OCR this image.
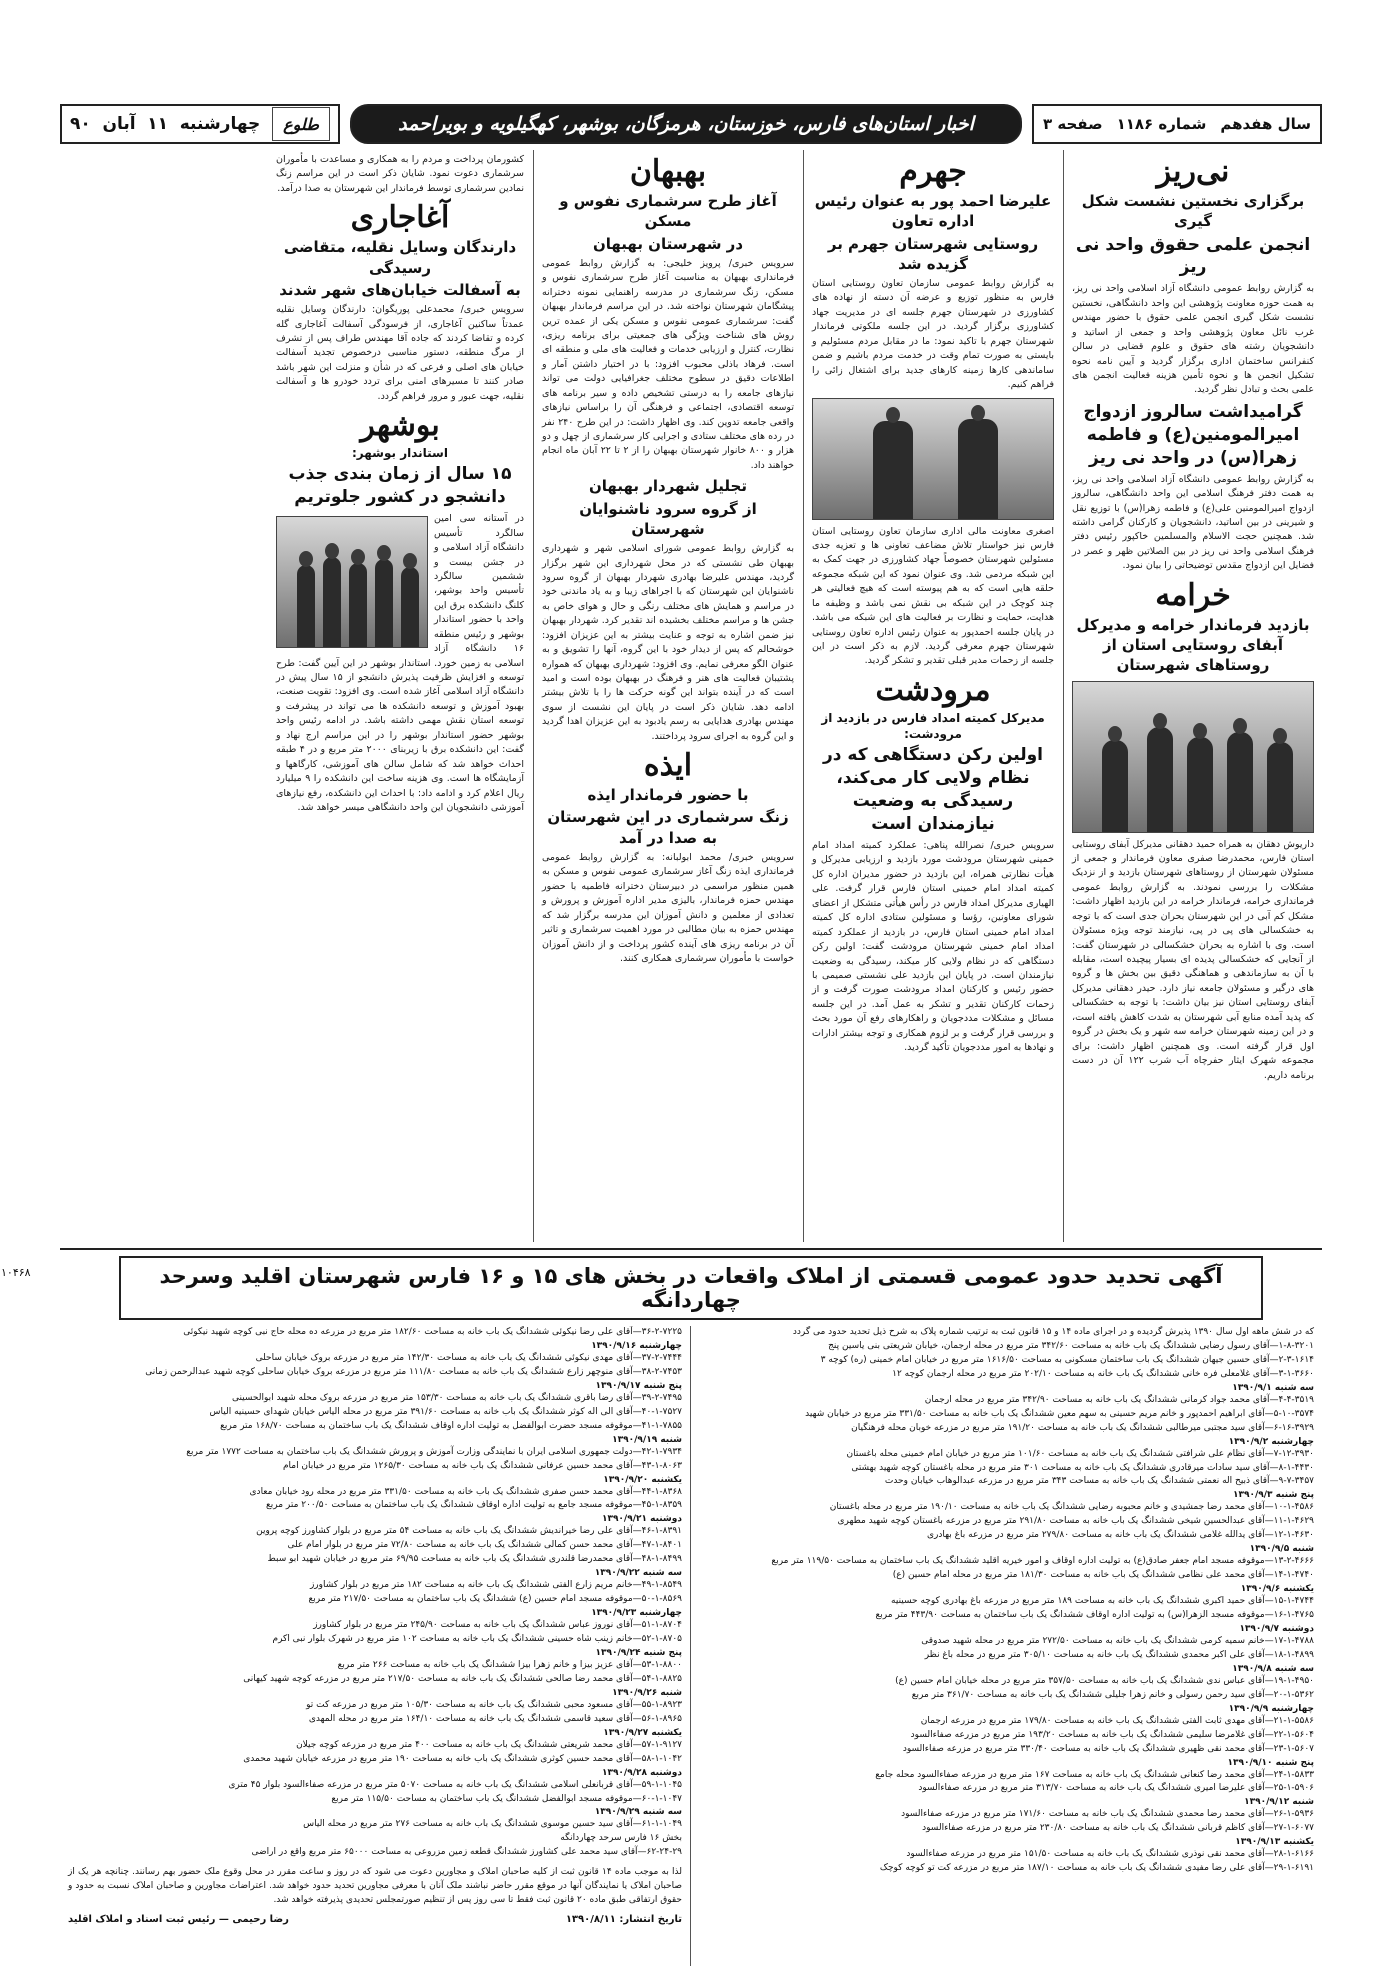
طلوع
چهارشنبه
۱۱
آبان
۹۰	اخبار استان‌های فارس، خوزستان، هرمزگان، بوشهر، کهگیلویه و بویراحمد	سال هفدهم
شماره ۱۱۸۶
صفحه ۳
نی‌ریز
برگزاری نخستین نشست شکل گیری
انجمن علمی حقوق واحد نی ریز

به گزارش روابط عمومی دانشگاه آزاد اسلامی واحد نی ریز، به همت حوزه معاونت پژوهشی این واحد دانشگاهی، نخستین نشست شکل گیری انجمن علمی حقوق با حضور مهندس غرب نائل معاون پژوهشی واحد و جمعی از اساتید و دانشجویان رشته های حقوق و علوم قضایی در سالن کنفرانس ساختمان اداری برگزار گردید و آیین نامه نحوه تشکیل انجمن ها و نحوه تأمین هزینه فعالیت انجمن های علمی بحث و تبادل نظر گردید.

گرامیداشت سالروز ازدواج امیرالمومنین(ع) و فاطمه زهرا(س) در واحد نی ریز

به گزارش روابط عمومی دانشگاه آزاد اسلامی واحد نی ریز، به همت دفتر فرهنگ اسلامی این واحد دانشگاهی، سالروز ازدواج امیرالمومنین علی(ع) و فاطمه زهرا(س) با توزیع نقل و شیرینی در بین اساتید، دانشجویان و کارکنان گرامی داشته شد. همچنین حجت الاسلام والمسلمین خاکپور رئیس دفتر فرهنگ اسلامی واحد نی ریز در بین الصلاتین ظهر و عصر در فضایل این ازدواج مقدس توضیحاتی را بیان نمود.

خرامه
بازدید فرماندار خرامه و مدیرکل آبفای روستایی استان از روستاهای شهرستان

داریوش دهقان به همراه حمید دهقانی مدیرکل آبفای روستایی استان فارس، محمدرضا صفری معاون فرماندار و جمعی از مسئولان شهرستان از روستاهای شهرستان بازدید و از نزدیک مشکلات را بررسی نمودند. به گزارش روابط عمومی فرمانداری خرامه، فرماندار خرامه در این بازدید اظهار داشت: مشکل کم آبی در این شهرستان بحران جدی است که با توجه به خشکسالی های پی در پی، نیازمند توجه ویژه مسئولان است. وی با اشاره به بحران خشکسالی در شهرستان گفت: از آنجایی که خشکسالی پدیده ای بسیار پیچیده است، مقابله با آن به سازماندهی و هماهنگی دقیق بین بخش ها و گروه های درگیر و مسئولان جامعه نیاز دارد. حیدر دهقانی مدیرکل آبفای روستایی استان نیز بیان داشت: با توجه به خشکسالی که پدید آمده منابع آبی شهرستان به شدت کاهش یافته است، و در این زمینه شهرستان خرامه سه شهر و یک بخش در گروه اول قرار گرفته است. وی همچنین اظهار داشت: برای مجموعه شهرک ایثار حفرچاه آب شرب ۱۲۲ آن در دست برنامه داریم.

جهرم
علیرضا احمد پور به عنوان رئیس اداره تعاون
روستایی شهرستان جهرم بر گزیده شد

به گزارش روابط عمومی سازمان تعاون روستایی استان فارس به منظور توزیع و عرضه آن دسته از نهاده های کشاورزی در شهرستان جهرم جلسه ای در مدیریت جهاد کشاورزی برگزار گردید. در این جلسه ملکوتی فرماندار شهرستان جهرم با تاکید نمود: ما در مقابل مردم مسئولیم و بایستی به صورت تمام وقت در خدمت مردم باشیم و ضمن ساماندهی کارها زمینه کارهای جدید برای اشتغال زائی را فراهم کنیم.

اصغری معاونت مالی اداری سازمان تعاون روستایی استان فارس نیز خواستار تلاش مضاعف تعاونی ها و تعزیه جدی مسئولین شهرستان خصوصاً جهاد کشاورزی در جهت کمک به این شبکه مردمی شد. وی عنوان نمود که این شبکه مجموعه حلقه هایی است که به هم پیوسته است که هیچ فعالیتی هر چند کوچک در این شبکه بی نقش نمی باشد و وظیفه ما هدایت، حمایت و نظارت بر فعالیت های این شبکه می باشد. در پایان جلسه احمدپور به عنوان رئیس اداره تعاون روستایی شهرستان جهرم معرفی گردید. لازم به ذکر است در این جلسه از زحمات مدیر قبلی تقدیر و تشکر گردید.

مرودشت
مدیرکل کمیته امداد فارس در بازدید از مرودشت:
اولین رکن دستگاهی که در نظام ولایی کار می‌کند، رسیدگی به وضعیت نیازمندان است

سرویس خبری/ نصرالله پناهی: عملکرد کمیته امداد امام خمینی شهرستان مرودشت مورد بازدید و ارزیابی مدیرکل و هیأت نظارتی همراه، این بازدید در حضور مدیران اداره کل کمیته امداد امام خمینی استان فارس قرار گرفت. علی الهیاری مدیرکل امداد فارس در رأس هیأتی متشکل از اعضای شورای معاونین، رؤسا و مسئولین ستادی اداره کل کمیته امداد امام خمینی استان فارس، در بازدید از عملکرد کمیته امداد امام خمینی شهرستان مرودشت گفت: اولین رکن دستگاهی که در نظام ولایی کار میکند، رسیدگی به وضعیت نیازمندان است. در پایان این بازدید علی نشستی صمیمی با حضور رئیس و کارکنان امداد مرودشت صورت گرفت و از زحمات کارکنان تقدیر و تشکر به عمل آمد. در این جلسه مسائل و مشکلات مددجویان و راهکارهای رفع آن مورد بحث و بررسی قرار گرفت و بر لزوم همکاری و توجه بیشتر ادارات و نهادها به امور مددجویان تأکید گردید.

بهبهان
آغاز طرح سرشماری نفوس و مسکن
در شهرستان بهبهان

سرویس خبری/ پرویز خلیجی: به گزارش روابط عمومی فرمانداری بهبهان به مناسبت آغاز طرح سرشماری نفوس و مسکن، زنگ سرشماری در مدرسه راهنمایی نمونه دخترانه پیشگامان شهرستان نواخته شد. در این مراسم فرماندار بهبهان گفت: سرشماری عمومی نفوس و مسکن یکی از عمده ترین روش های شناخت ویژگی های جمعیتی برای برنامه ریزی، نظارت، کنترل و ارزیابی خدمات و فعالیت های ملی و منطقه ای است. فرهاد باذلی محبوب افزود: با در اختیار داشتن آمار و اطلاعات دقیق در سطوح مختلف جغرافیایی دولت می تواند نیازهای جامعه را به درستی تشخیص داده و سیر برنامه های توسعه اقتصادی، اجتماعی و فرهنگی آن را براساس نیازهای واقعی جامعه تدوین کند. وی اظهار داشت: در این طرح ۲۴۰ نفر در رده های مختلف ستادی و اجرایی کار سرشماری از چهل و دو هزار و ۸۰۰ خانوار شهرستان بهبهان را از ۲ تا ۲۲ آبان ماه انجام خواهند داد.

تجلیل شهردار بهبهان
از گروه سرود ناشنوایان شهرستان

به گزارش روابط عمومی شورای اسلامی شهر و شهرداری بهبهان طی نشستی که در محل شهرداری این شهر برگزار گردید، مهندس علیرضا بهادری شهردار بهبهان از گروه سرود ناشنوایان این شهرستان که با اجراهای زیبا و به یاد ماندنی خود در مراسم و همایش های مختلف رنگی و حال و هوای خاص به جشن ها و مراسم مختلف بخشیده اند تقدیر کرد. شهردار بهبهان نیز ضمن اشاره به توجه و عنایت بیشتر به این عزیزان افزود: خوشحالم که پس از دیدار خود با این گروه، آنها را تشویق و به عنوان الگو معرفی نمایم. وی افزود: شهرداری بهبهان که همواره پشتیبان فعالیت های هنر و فرهنگ در بهبهان بوده است و امید است که در آینده بتواند این گونه حرکت ها را با تلاش بیشتر ادامه دهد. شایان ذکر است در پایان این نشست از سوی مهندس بهادری هدایایی به رسم یادبود به این عزیزان اهدا گردید و این گروه به اجرای سرود پرداختند.

ایذه
با حضور فرماندار ایذه
زنگ سرشماری در این شهرستان به صدا در آمد

سرویس خبری/ محمد ابولبانه: به گزارش روابط عمومی فرمانداری ایذه زنگ آغاز سرشماری عمومی نفوس و مسکن به همین منظور مراسمی در دبیرستان دخترانه فاطمیه با حضور مهندس حمزه فرماندار، بالیزی مدیر اداره آموزش و پرورش و تعدادی از معلمین و دانش آموزان این مدرسه برگزار شد که مهندس حمزه به بیان مطالبی در مورد اهمیت سرشماری و تاثیر آن در برنامه ریزی های آینده کشور پرداخت و از دانش آموزان خواست با مأموران سرشماری همکاری کنند.

کشورمان پرداخت و مردم را به همکاری و مساعدت با مأموران سرشماری دعوت نمود. شایان ذکر است در این مراسم زنگ نمادین سرشماری توسط فرماندار این شهرستان به صدا درآمد.

آغاجاری
دارندگان وسایل نقلیه، متقاضی رسیدگی
به آسفالت خیابان‌های شهر شدند

سرویس خبری/ محمدعلی پوریگوان: دارندگان وسایل نقلیه عمدتاً ساکنین آغاجاری، از فرسودگی آسفالت آغاجاری گله کرده و تقاضا کردند که جاده آقا مهندس طراف پس از تشرف از مرگ منطقه، دستور مناسبی درخصوص تجدید آسفالت خیابان های اصلی و فرعی که در شأن و منزلت این شهر باشد صادر کنند تا مسیرهای امنی برای تردد خودرو ها و آسفالت نقلیه، جهت عبور و مرور فراهم گردد.

بوشهر
استاندار بوشهر:
۱۵ سال از زمان بندی جذب دانشجو در کشور جلوتریم

در آستانه سی امین سالگرد تأسیس دانشگاه آزاد اسلامی و در جشن بیست و ششمین سالگرد تأسیس واحد بوشهر، کلنگ دانشکده برق این واحد با حضور استاندار بوشهر و رئیس منطقه ۱۶ دانشگاه آزاد اسلامی به زمین خورد. استاندار بوشهر در این آیین گفت: طرح توسعه و افزایش ظرفیت پذیرش دانشجو از ۱۵ سال پیش در دانشگاه آزاد اسلامی آغاز شده است. وی افزود: تقویت صنعت، بهبود آموزش و توسعه دانشکده ها می تواند در پیشرفت و توسعه استان نقش مهمی داشته باشد. در ادامه رئیس واحد بوشهر حضور استاندار بوشهر را در این مراسم ارج نهاد و گفت: این دانشکده برق با زیربنای ۲۰۰۰ متر مربع و در ۴ طبقه احداث خواهد شد که شامل سالن های آموزشی، کارگاهها و آزمایشگاه ها است. وی هزینه ساخت این دانشکده را ۹ میلیارد ریال اعلام کرد و ادامه داد: با احداث این دانشکده، رفع نیازهای آموزشی دانشجویان این واحد دانشگاهی میسر خواهد شد.

آگهی تحدید حدود عمومی قسمتی از املاک واقعات در بخش های ۱۵ و ۱۶ فارس شهرستان اقلید وسرحد چهاردانگه
۱۰۴۶۸

که در شش ماهه اول سال ۱۳۹۰ پذیرش گردیده و در اجرای ماده ۱۴ و ۱۵ قانون ثبت به ترتیب شماره پلاک به شرح ذیل تحدید حدود می گردد

۱-۸-۳۲۰۱—آقای رسول رضایی ششدانگ یک باب خانه به مساحت ۳۴۲/۶۰ متر مربع در محله ارجمان، خیابان شریعتی بنی یاسین پنج

۲-۳-۱۶۱۴—آقای حسین جیهان ششدانگ یک باب ساختمان مسکونی به مساحت ۱۶۱۶/۵۰ متر مربع در خیابان امام خمینی (ره) کوچه ۳

۳-۱-۳۶۶۰—آقای غلامعلی فره خانی ششدانگ یک باب خانه به مساحت ۲۰۲/۱۰ متر مربع در محله ارجمان کوچه ۱۲

سه شنبه ۱۳۹۰/۹/۱

۴-۴-۳۵۱۹—آقای محمد جواد کرمانی ششدانگ یک باب خانه به مساحت ۳۴۲/۹۰ متر مربع در محله ارجمان

۵-۱۰-۳۵۷۴—آقای ابراهیم احمدپور و خانم مریم حسینی به سهم معین ششدانگ یک باب خانه به مساحت ۳۳۱/۵۰ متر مربع در خیابان شهید

۶-۱۶-۳۹۲۹—آقای سید مجتبی میرطالبی ششدانگ یک باب خانه به مساحت ۱۹۱/۲۰ متر مربع در مزرعه خوبان محله فرهنگیان

چهارشنبه ۱۳۹۰/۹/۲

۷-۱۲-۳۹۳۰—آقای نظام علی شرافتی ششدانگ یک باب خانه به مساحت ۱۰۱/۶۰ متر مربع در خیابان امام خمینی محله باغستان

۸-۱-۴۴۳۰—آقای سید سادات میرقادری ششدانگ یک باب خانه به مساحت ۳۰۱ متر مربع در محله باغستان کوچه شهید بهشتی

۹-۷-۳۴۵۷—آقای ذبیح اله نعمتی ششدانگ یک باب خانه به مساحت ۳۴۳ متر مربع در مزرعه عبدالوهاب خیابان وحدت

پنج شنبه ۱۳۹۰/۹/۳

۱۰-۱-۴۵۸۶—آقای محمد رضا جمشیدی و خانم محبوبه رضایی ششدانگ یک باب خانه به مساحت ۱۹۰/۱۰ متر مربع در محله باغستان

۱۱-۱-۴۶۲۹—آقای عبدالحسین شیخی ششدانگ یک باب خانه به مساحت ۲۹۱/۸۰ متر مربع در مزرعه باغستان کوچه شهید مطهری

۱۲-۱-۴۶۳۰—آقای یدالله غلامی ششدانگ یک باب خانه به مساحت ۲۷۹/۸۰ متر مربع در مزرعه باغ بهادری

شنبه ۱۳۹۰/۹/۵

۱۳-۲-۴۶۶۶—موقوفه مسجد امام جعفر صادق(ع) به تولیت اداره اوقاف و امور خیریه اقلید ششدانگ یک باب ساختمان به مساحت ۱۱۹/۵۰ متر مربع

۱۴-۱-۴۷۴۰—آقای محمد علی نظامی ششدانگ یک باب خانه به مساحت ۱۸۱/۳۰ متر مربع در محله امام حسین (ع)

یکشنبه ۱۳۹۰/۹/۶

۱۵-۱-۴۷۴۴—آقای حمید اکبری ششدانگ یک باب خانه به مساحت ۱۸۹ متر مربع در مزرعه باغ بهادری کوچه حسینیه

۱۶-۱-۴۷۶۵—موقوفه مسجد الزهرا(س) به تولیت اداره اوقاف ششدانگ یک باب ساختمان به مساحت ۴۴۳/۹۰ متر مربع

دوشنبه ۱۳۹۰/۹/۷

۱۷-۱-۴۷۸۸—خانم سمیه کرمی ششدانگ یک باب خانه به مساحت ۲۷۲/۵۰ متر مربع در محله شهید صدوقی

۱۸-۱-۴۸۹۹—آقای علی اکبر محمدی ششدانگ یک باب خانه به مساحت ۳۰۵/۱۰ متر مربع در محله باغ نظر

سه شنبه ۱۳۹۰/۹/۸

۱۹-۱-۴۹۵۰—آقای عباس ندی ششدانگ یک باب خانه به مساحت ۳۵۷/۵۰ متر مربع در محله خیابان امام حسین (ع)

۲۰-۱-۵۳۶۲—آقای سید رحمن رسولی و خانم زهرا جلیلی ششدانگ یک باب خانه به مساحت ۳۶۱/۷۰ متر مربع

چهارشنبه ۱۳۹۰/۹/۹

۲۱-۱-۵۵۸۶—آقای مهدی ثابت الفتی ششدانگ یک باب خانه به مساحت ۱۷۹/۸۰ متر مربع در مزرعه ارجمان

۲۲-۱-۵۶۰۴—آقای غلامرضا سلیمی ششدانگ یک باب خانه به مساحت ۱۹۳/۲۰ متر مربع در مزرعه صفاءالسود

۲۳-۱-۵۶۰۷—آقای محمد نقی ظهیری ششدانگ یک باب خانه به مساحت ۳۳۰/۴۰ متر مربع در مزرعه صفاءالسود

پنج شنبه ۱۳۹۰/۹/۱۰

۲۴-۱-۵۸۳۳—آقای محمد رضا کنعانی ششدانگ یک باب خانه به مساحت ۱۶۷ متر مربع در مزرعه صفاءالسود محله جامع

۲۵-۱-۵۹۰۶—آقای علیرضا امیری ششدانگ یک باب خانه به مساحت ۳۱۳/۷۰ متر مربع در مزرعه صفاءالسود

شنبه ۱۳۹۰/۹/۱۲

۲۶-۱-۵۹۳۶—آقای محمد رضا محمدی ششدانگ یک باب خانه به مساحت ۱۷۱/۶۰ متر مربع در مزرعه صفاءالسود

۲۷-۱-۶۰۷۷—آقای کاظم قربانی ششدانگ یک باب خانه به مساحت ۲۳۰/۸۰ متر مربع در مزرعه صفاءالسود

یکشنبه ۱۳۹۰/۹/۱۳

۲۸-۱-۶۱۶۶—آقای محمد نقی نوذری ششدانگ یک باب خانه به مساحت ۱۵۱/۵۰ متر مربع در مزرعه صفاءالسود

۲۹-۱-۶۱۹۱—آقای علی رضا مفیدی ششدانگ یک باب خانه به مساحت ۱۸۷/۱۰ متر مربع در مزرعه کت تو کوچه کوچک

۳۶-۲-۷۲۲۵—آقای علی رضا نیکوئی ششدانگ یک باب خانه به مساحت ۱۸۲/۶۰ متر مربع در مزرعه ده محله حاج نبی کوچه شهید نیکوئی

چهارشنبه ۱۳۹۰/۹/۱۶

۳۷-۲-۷۴۴۴—آقای مهدی نیکوئی ششدانگ یک باب خانه به مساحت ۱۴۲/۳۰ متر مربع در مزرعه بروک خیابان ساحلی

۳۸-۲-۷۴۵۳—آقای منوچهر زارع ششدانگ یک باب خانه به مساحت ۱۱۱/۸۰ متر مربع در مزرعه بروک خیابان ساحلی کوچه شهید عبدالرحمن زمانی

پنج شنبه ۱۳۹۰/۹/۱۷

۳۹-۲-۷۴۹۵—آقای رضا باقری ششدانگ یک باب خانه به مساحت ۱۵۳/۳۰ متر مربع در مزرعه بروک محله شهید ابوالحسینی

۴۰-۱-۷۵۲۷—آقای الی اله کوثر ششدانگ یک باب خانه به مساحت ۳۹۱/۶۰ متر مربع در محله الیاس خیابان شهدای حسینیه الیاس

۴۱-۱-۷۸۵۵—موقوفه مسجد حضرت ابوالفضل به تولیت اداره اوقاف ششدانگ یک باب ساختمان به مساحت ۱۶۸/۷۰ متر مربع

شنبه ۱۳۹۰/۹/۱۹

۴۲-۱-۷۹۳۴—دولت جمهوری اسلامی ایران با نمایندگی وزارت آموزش و پرورش ششدانگ یک باب ساختمان به مساحت ۱۷۷۲ متر مربع

۴۳-۱-۸۰۶۳—آقای محمد حسین عرفانی ششدانگ یک باب خانه به مساحت ۱۲۶۵/۳۰ متر مربع در خیابان امام

یکشنبه ۱۳۹۰/۹/۲۰

۴۴-۱-۸۳۶۸—آقای محمد حسن صفری ششدانگ یک باب خانه به مساحت ۳۳۱/۵۰ متر مربع در محله رود خیابان معادی

۴۵-۱-۸۳۵۹—موقوفه مسجد جامع به تولیت اداره اوقاف ششدانگ یک باب ساختمان به مساحت ۲۰۰/۵۰ متر مربع

دوشنبه ۱۳۹۰/۹/۲۱

۴۶-۱-۸۳۹۱—آقای علی رضا خیراندیش ششدانگ یک باب خانه به مساحت ۵۴ متر مربع در بلوار کشاورز کوچه پروین

۴۷-۱-۸۴۰۱—آقای محمد حسن کمالی ششدانگ یک باب خانه به مساحت ۷۲/۸۰ متر مربع در بلوار امام علی

۴۸-۱-۸۴۹۹—آقای محمدرضا قلندری ششدانگ یک باب خانه به مساحت ۶۹/۹۵ متر مربع در خیابان شهید ابو سبط

سه شنبه ۱۳۹۰/۹/۲۲

۴۹-۱-۸۵۴۹—خانم مریم زارع الفتی ششدانگ یک باب خانه به مساحت ۱۸۲ متر مربع در بلوار کشاورز

۵۰-۱-۸۵۶۹—موقوفه مسجد امام حسین (ع) ششدانگ یک باب ساختمان به مساحت ۲۱۷/۵۰ متر مربع

چهارشنبه ۱۳۹۰/۹/۲۳

۵۱-۱-۸۷۰۴—آقای نوروز عباس ششدانگ یک باب خانه به مساحت ۲۴۵/۹۰ متر مربع در بلوار کشاورز

۵۲-۱-۸۷۰۵—خانم زینب شاه حسینی ششدانگ یک باب خانه به مساحت ۱۰۲ متر مربع در شهرک بلوار نبی اکرم

پنج شنبه ۱۳۹۰/۹/۲۴

۵۳-۱-۸۸۰۰—آقای عزیز بیزا و خانم زهرا بیزا ششدانگ یک باب خانه به مساحت ۲۶۶ متر مربع

۵۴-۱-۸۸۲۵—آقای محمد رضا صالحی ششدانگ یک باب خانه به مساحت ۲۱۷/۵۰ متر مربع در مزرعه کوچه شهید کیهانی

شنبه ۱۳۹۰/۹/۲۶

۵۵-۱-۸۹۲۳—آقای مسعود محبی ششدانگ یک باب خانه به مساحت ۱۰۵/۳۰ متر مربع در مزرعه کت تو

۵۶-۱-۸۹۶۵—آقای سعید قاسمی ششدانگ یک باب خانه به مساحت ۱۶۴/۱۰ متر مربع در محله المهدی

یکشنبه ۱۳۹۰/۹/۲۷

۵۷-۱-۹۱۲۷—آقای محمد شریعتی ششدانگ یک باب خانه به مساحت ۴۰۰ متر مربع در مزرعه کوچه جیلان

۵۸-۱-۱۰۴۲—آقای محمد حسین کوثری ششدانگ یک باب خانه به مساحت ۱۹۰ متر مربع در مزرعه خیابان شهید محمدی

دوشنبه ۱۳۹۰/۹/۲۸

۵۹-۱-۱۰۴۵—آقای قربانعلی اسلامی ششدانگ یک باب خانه به مساحت ۵۰۷۰ متر مربع در مزرعه صفاءالسود بلوار ۴۵ متری

۶۰-۱-۱۰۴۷—موقوفه مسجد ابوالفضل ششدانگ یک باب ساختمان به مساحت ۱۱۵/۵۰ متر مربع

سه شنبه ۱۳۹۰/۹/۲۹

۶۱-۱-۱۰۴۹—آقای سید حسین موسوی ششدانگ یک باب خانه به مساحت ۲۷۶ متر مربع در محله الیاس

بخش ۱۶ فارس سرحد چهاردانگه

۶۲-۲۴-۲۹—آقای سید محمد علی کشاورز ششدانگ قطعه زمین مزروعی به مساحت ۶۵۰۰۰ متر مربع واقع در اراضی

لذا به موجب ماده ۱۴ قانون ثبت از کلیه صاحبان املاک و مجاورین دعوت می شود که در روز و ساعت مقرر در محل وقوع ملک حضور بهم رسانند. چنانچه هر یک از صاحبان املاک یا نمایندگان آنها در موقع مقرر حاضر نباشند ملک آنان با معرفی مجاورین تحدید حدود خواهد شد. اعتراضات مجاورین و صاحبان املاک نسبت به حدود و حقوق ارتفاقی طبق ماده ۲۰ قانون ثبت فقط تا سی روز پس از تنظیم صورتمجلس تحدیدی پذیرفته خواهد شد.

تاریخ انتشار: ۱۳۹۰/۸/۱۱
رضا رحیمی — رئیس ثبت اسناد و املاک اقلید
